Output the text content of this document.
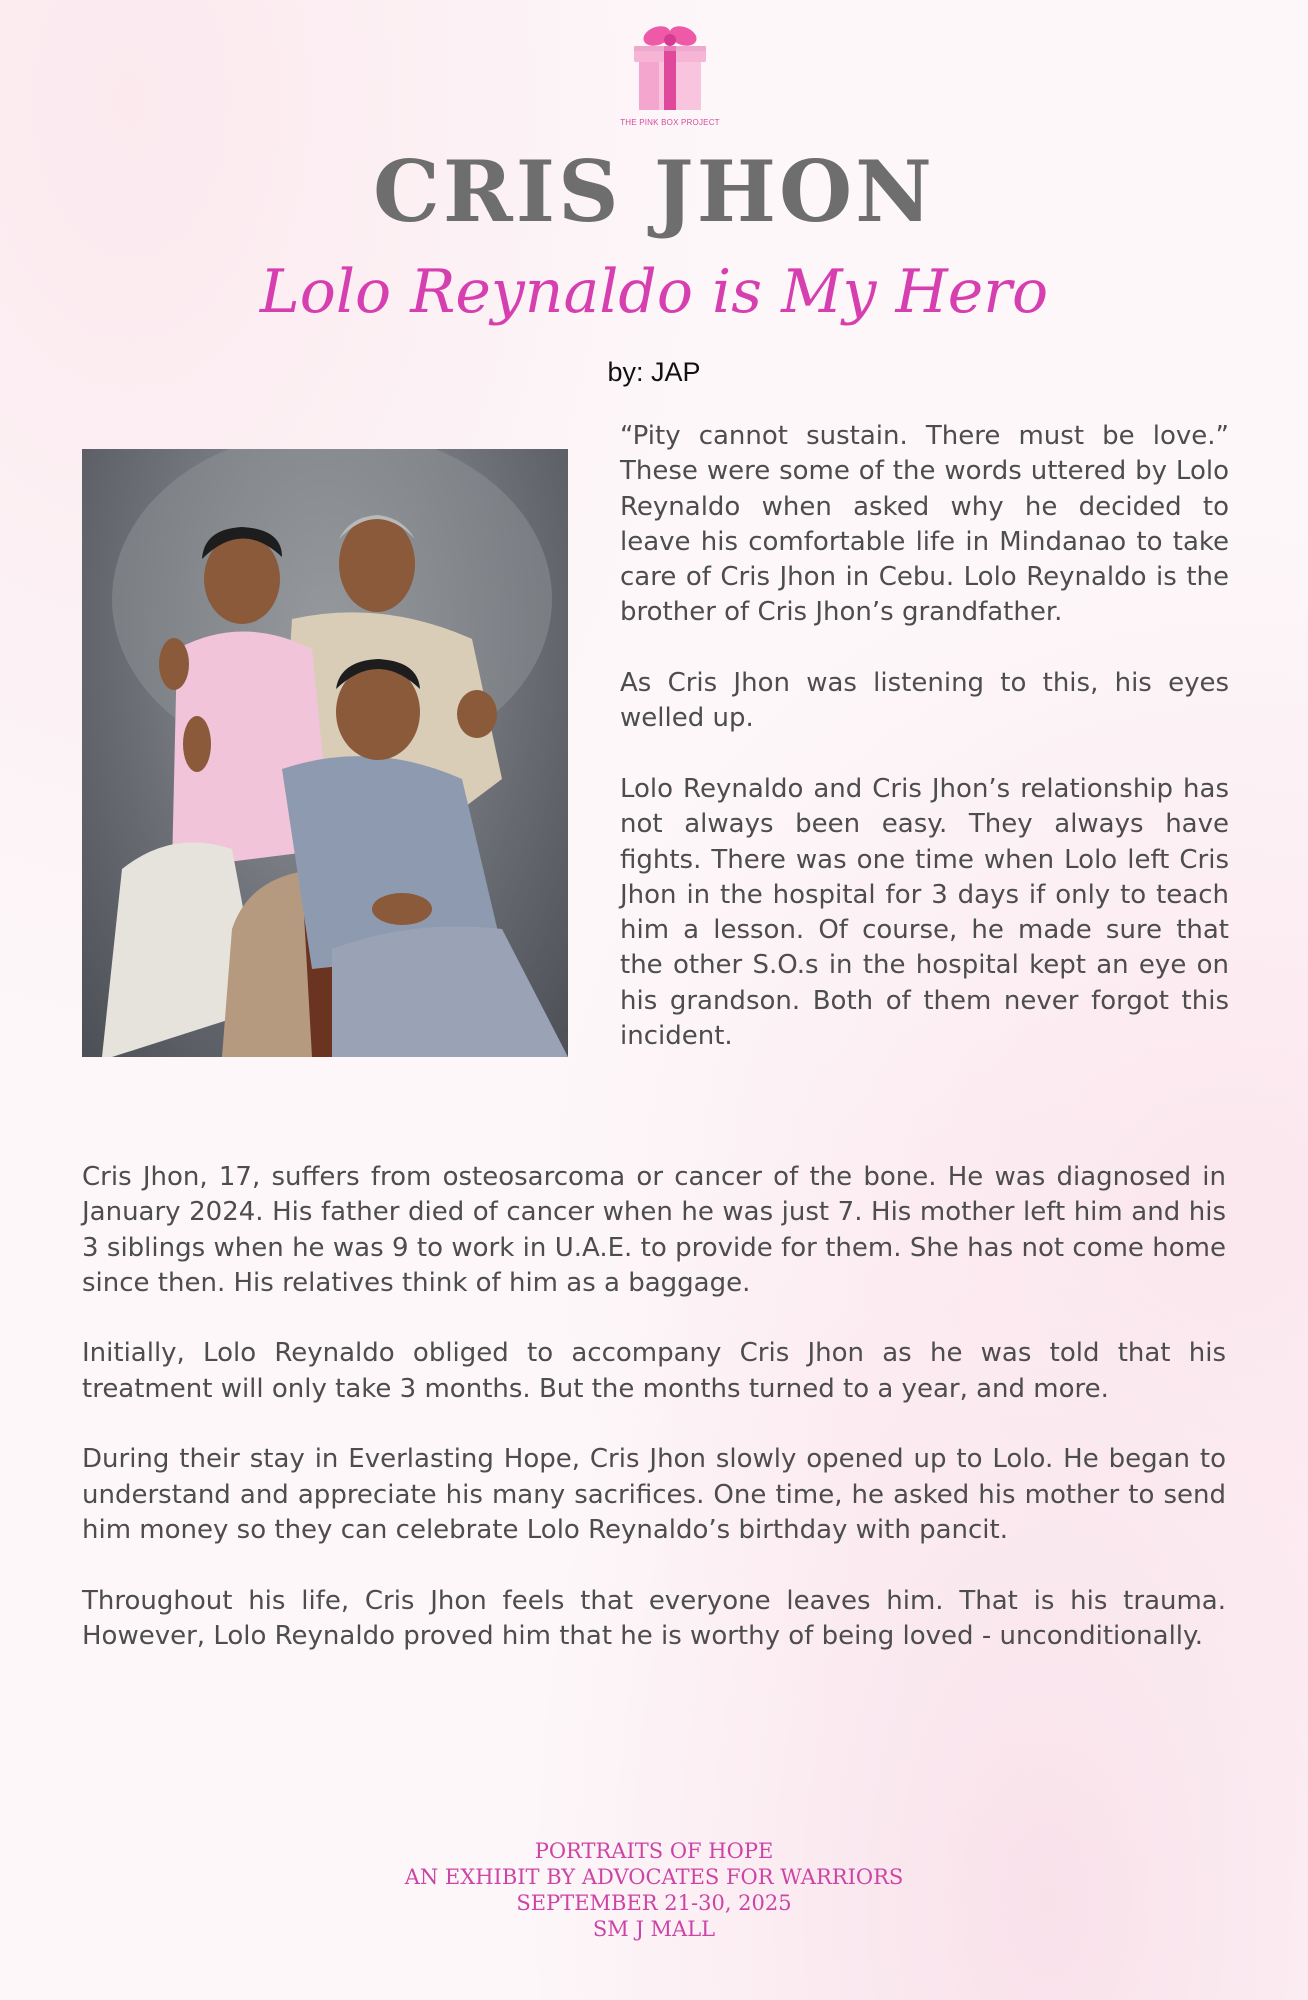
THE PINK BOX PROJECT
CRIS JHON
Lolo Reynaldo is My Hero
by: JAP

“Pity cannot sustain. There must be love.” These were some of the words uttered by Lolo Reynaldo when asked why he decided to leave his comfortable life in Mindanao to take care of Cris Jhon in Cebu. Lolo Reynaldo is the brother of Cris Jhon’s grandfather.

As Cris Jhon was listening to this, his eyes welled up.

Lolo Reynaldo and Cris Jhon’s relationship has not always been easy. They always have fights. There was one time when Lolo left Cris Jhon in the hospital for 3 days if only to teach him a lesson. Of course, he made sure that the other S.O.s in the hospital kept an eye on his grandson. Both of them never forgot this incident.

Cris Jhon, 17, suffers from osteosarcoma or cancer of the bone. He was diagnosed in January 2024. His father died of cancer when he was just 7. His mother left him and his 3 siblings when he was 9 to work in U.A.E. to provide for them. She has not come home since then. His relatives think of him as a baggage.

Initially, Lolo Reynaldo obliged to accompany Cris Jhon as he was told that his treatment will only take 3 months. But the months turned to a year, and more.

During their stay in Everlasting Hope, Cris Jhon slowly opened up to Lolo. He began to understand and appreciate his many sacrifices. One time, he asked his mother to send him money so they can celebrate Lolo Reynaldo’s birthday with pancit.

Throughout his life, Cris Jhon feels that everyone leaves him. That is his trauma. However, Lolo Reynaldo proved him that he is worthy of being loved - unconditionally.

PORTRAITS OF HOPE
AN EXHIBIT BY ADVOCATES FOR WARRIORS
SEPTEMBER 21-30, 2025
SM J MALL
